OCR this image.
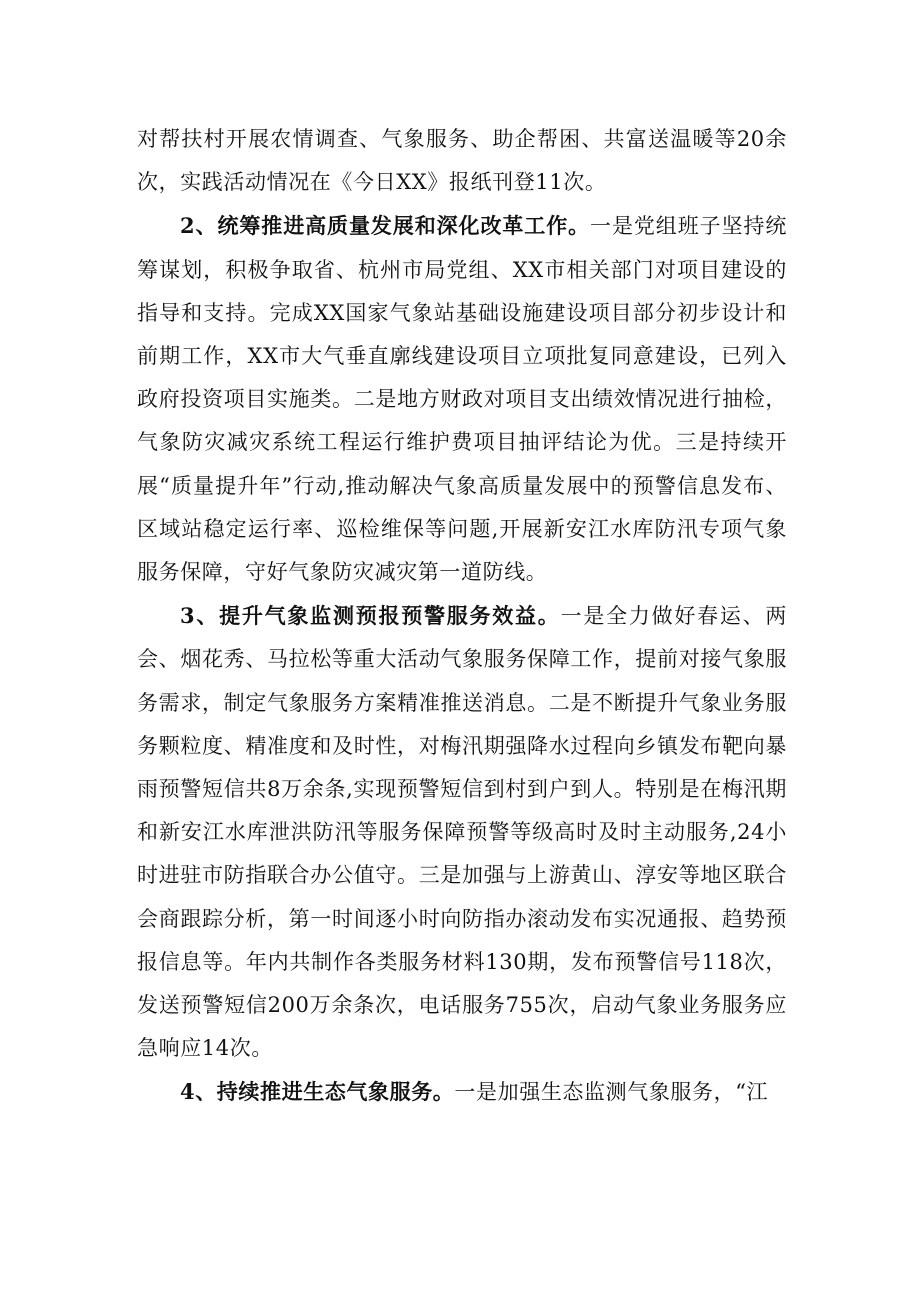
对帮扶村开展农情调查、气象服务、助企帮困、共富送温暖等20余次，实践活动情况在《今日XX》报纸刊登11次。

2、统筹推进高质量发展和深化改革工作。一是党组班子坚持统筹谋划，积极争取省、杭州市局党组、XX市相关部门对项目建设的指导和支持。完成XX国家气象站基础设施建设项目部分初步设计和前期工作，XX市大气垂直廓线建设项目立项批复同意建设，已列入政府投资项目实施类。二是地方财政对项目支出绩效情况进行抽检，气象防灾减灾系统工程运行维护费项目抽评结论为优。三是持续开展“质量提升年”行动,推动解决气象高质量发展中的预警信息发布、区域站稳定运行率、巡检维保等问题,开展新安江水库防汛专项气象服务保障，守好气象防灾减灾第一道防线。

3、提升气象监测预报预警服务效益。一是全力做好春运、两会、烟花秀、马拉松等重大活动气象服务保障工作，提前对接气象服务需求，制定气象服务方案精准推送消息。二是不断提升气象业务服务颗粒度、精准度和及时性，对梅汛期强降水过程向乡镇发布靶向暴雨预警短信共8万余条,实现预警短信到村到户到人。特别是在梅汛期和新安江水库泄洪防汛等服务保障预警等级高时及时主动服务,24小时进驻市防指联合办公值守。三是加强与上游黄山、淳安等地区联合会商跟踪分析，第一时间逐小时向防指办滚动发布实况通报、趋势预报信息等。年内共制作各类服务材料130期，发布预警信号118次，发送预警短信200万余条次，电话服务755次，启动气象业务服务应急响应14次。

4、持续推进生态气象服务。一是加强生态监测气象服务，“江
